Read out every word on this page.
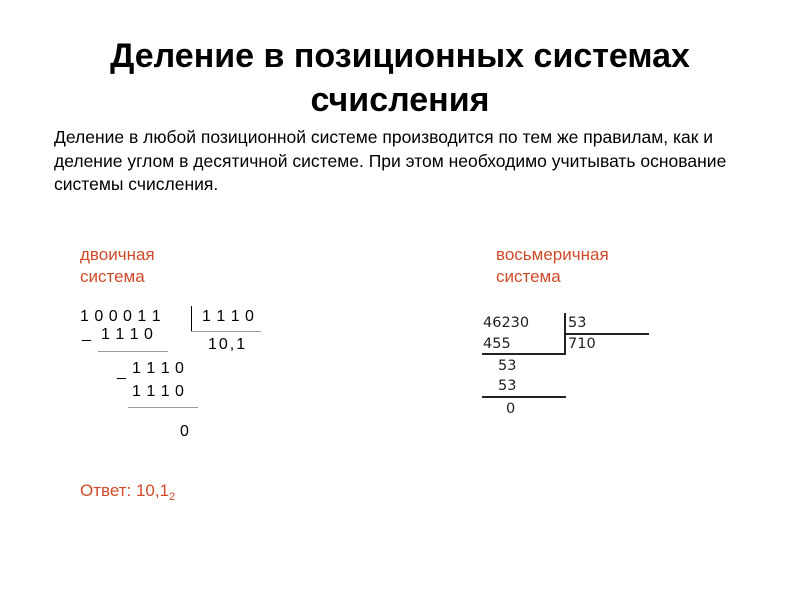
Деление в позиционных системах
счисления

Деление в любой позиционной системе производится по тем же правилам, как и деление углом в десятичной системе. При этом необходимо учитывать основание системы счисления.

двоичная
система
1 0 0 0 1 1	1 1 1 0
10,1
_ 1 1 1 0
_ 1 1 1 0
1 1 1 0
0
Ответ: $10,1_2$
восьмеричная
система
46230	53
710
455
53
53
0
